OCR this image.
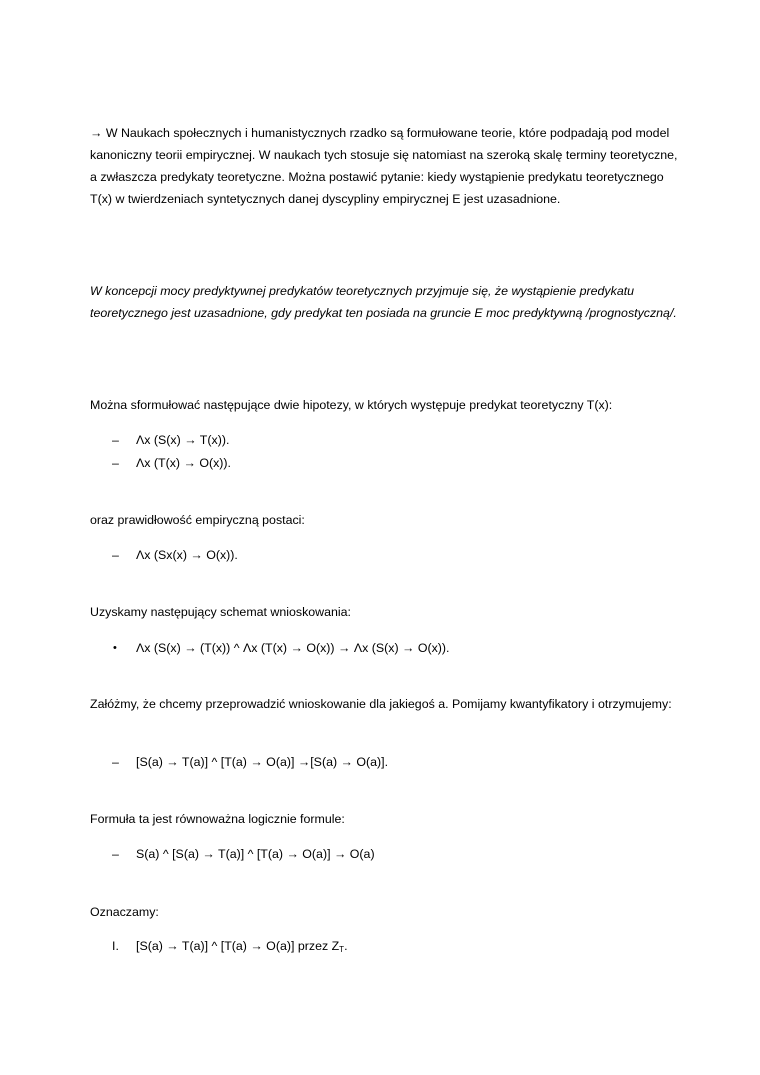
→ W Naukach społecznych i humanistycznych rzadko są formułowane teorie, które podpadają pod model kanoniczny teorii empirycznej. W naukach tych stosuje się natomiast na szeroką skalę terminy teoretyczne, a zwłaszcza predykaty teoretyczne. Można postawić pytanie: kiedy wystąpienie predykatu teoretycznego T(x) w twierdzeniach syntetycznych danej dyscypliny empirycznej E jest uzasadnione.

W koncepcji mocy predyktywnej predykatów teoretycznych przyjmuje się, że wystąpienie predykatu teoretycznego jest uzasadnione, gdy predykat ten posiada na gruncie E moc predyktywną /prognostyczną/.

Można sformułować następujące dwie hipotezy, w których występuje predykat teoretyczny T(x):

– Λx (S(x) → T(x)).
– Λx (T(x) → O(x)).

oraz prawidłowość empiryczną postaci:

– Λx (Sx(x) → O(x)).

Uzyskamy następujący schemat wnioskowania:

• Λx (S(x) → (T(x)) ^ Λx (T(x) → O(x)) → Λx (S(x) → O(x)).

Załóżmy, że chcemy przeprowadzić wnioskowanie dla jakiegoś a. Pomijamy kwantyfikatory i otrzymujemy:

– [S(a) → T(a)] ^ [T(a) → O(a)] →[S(a) → O(a)].

Formuła ta jest równoważna logicznie formule:

– S(a) ^ [S(a) → T(a)] ^ [T(a) → O(a)] → O(a)

Oznaczamy:

I. [S(a) → T(a)] ^ [T(a) → O(a)] przez $Z_T$.
